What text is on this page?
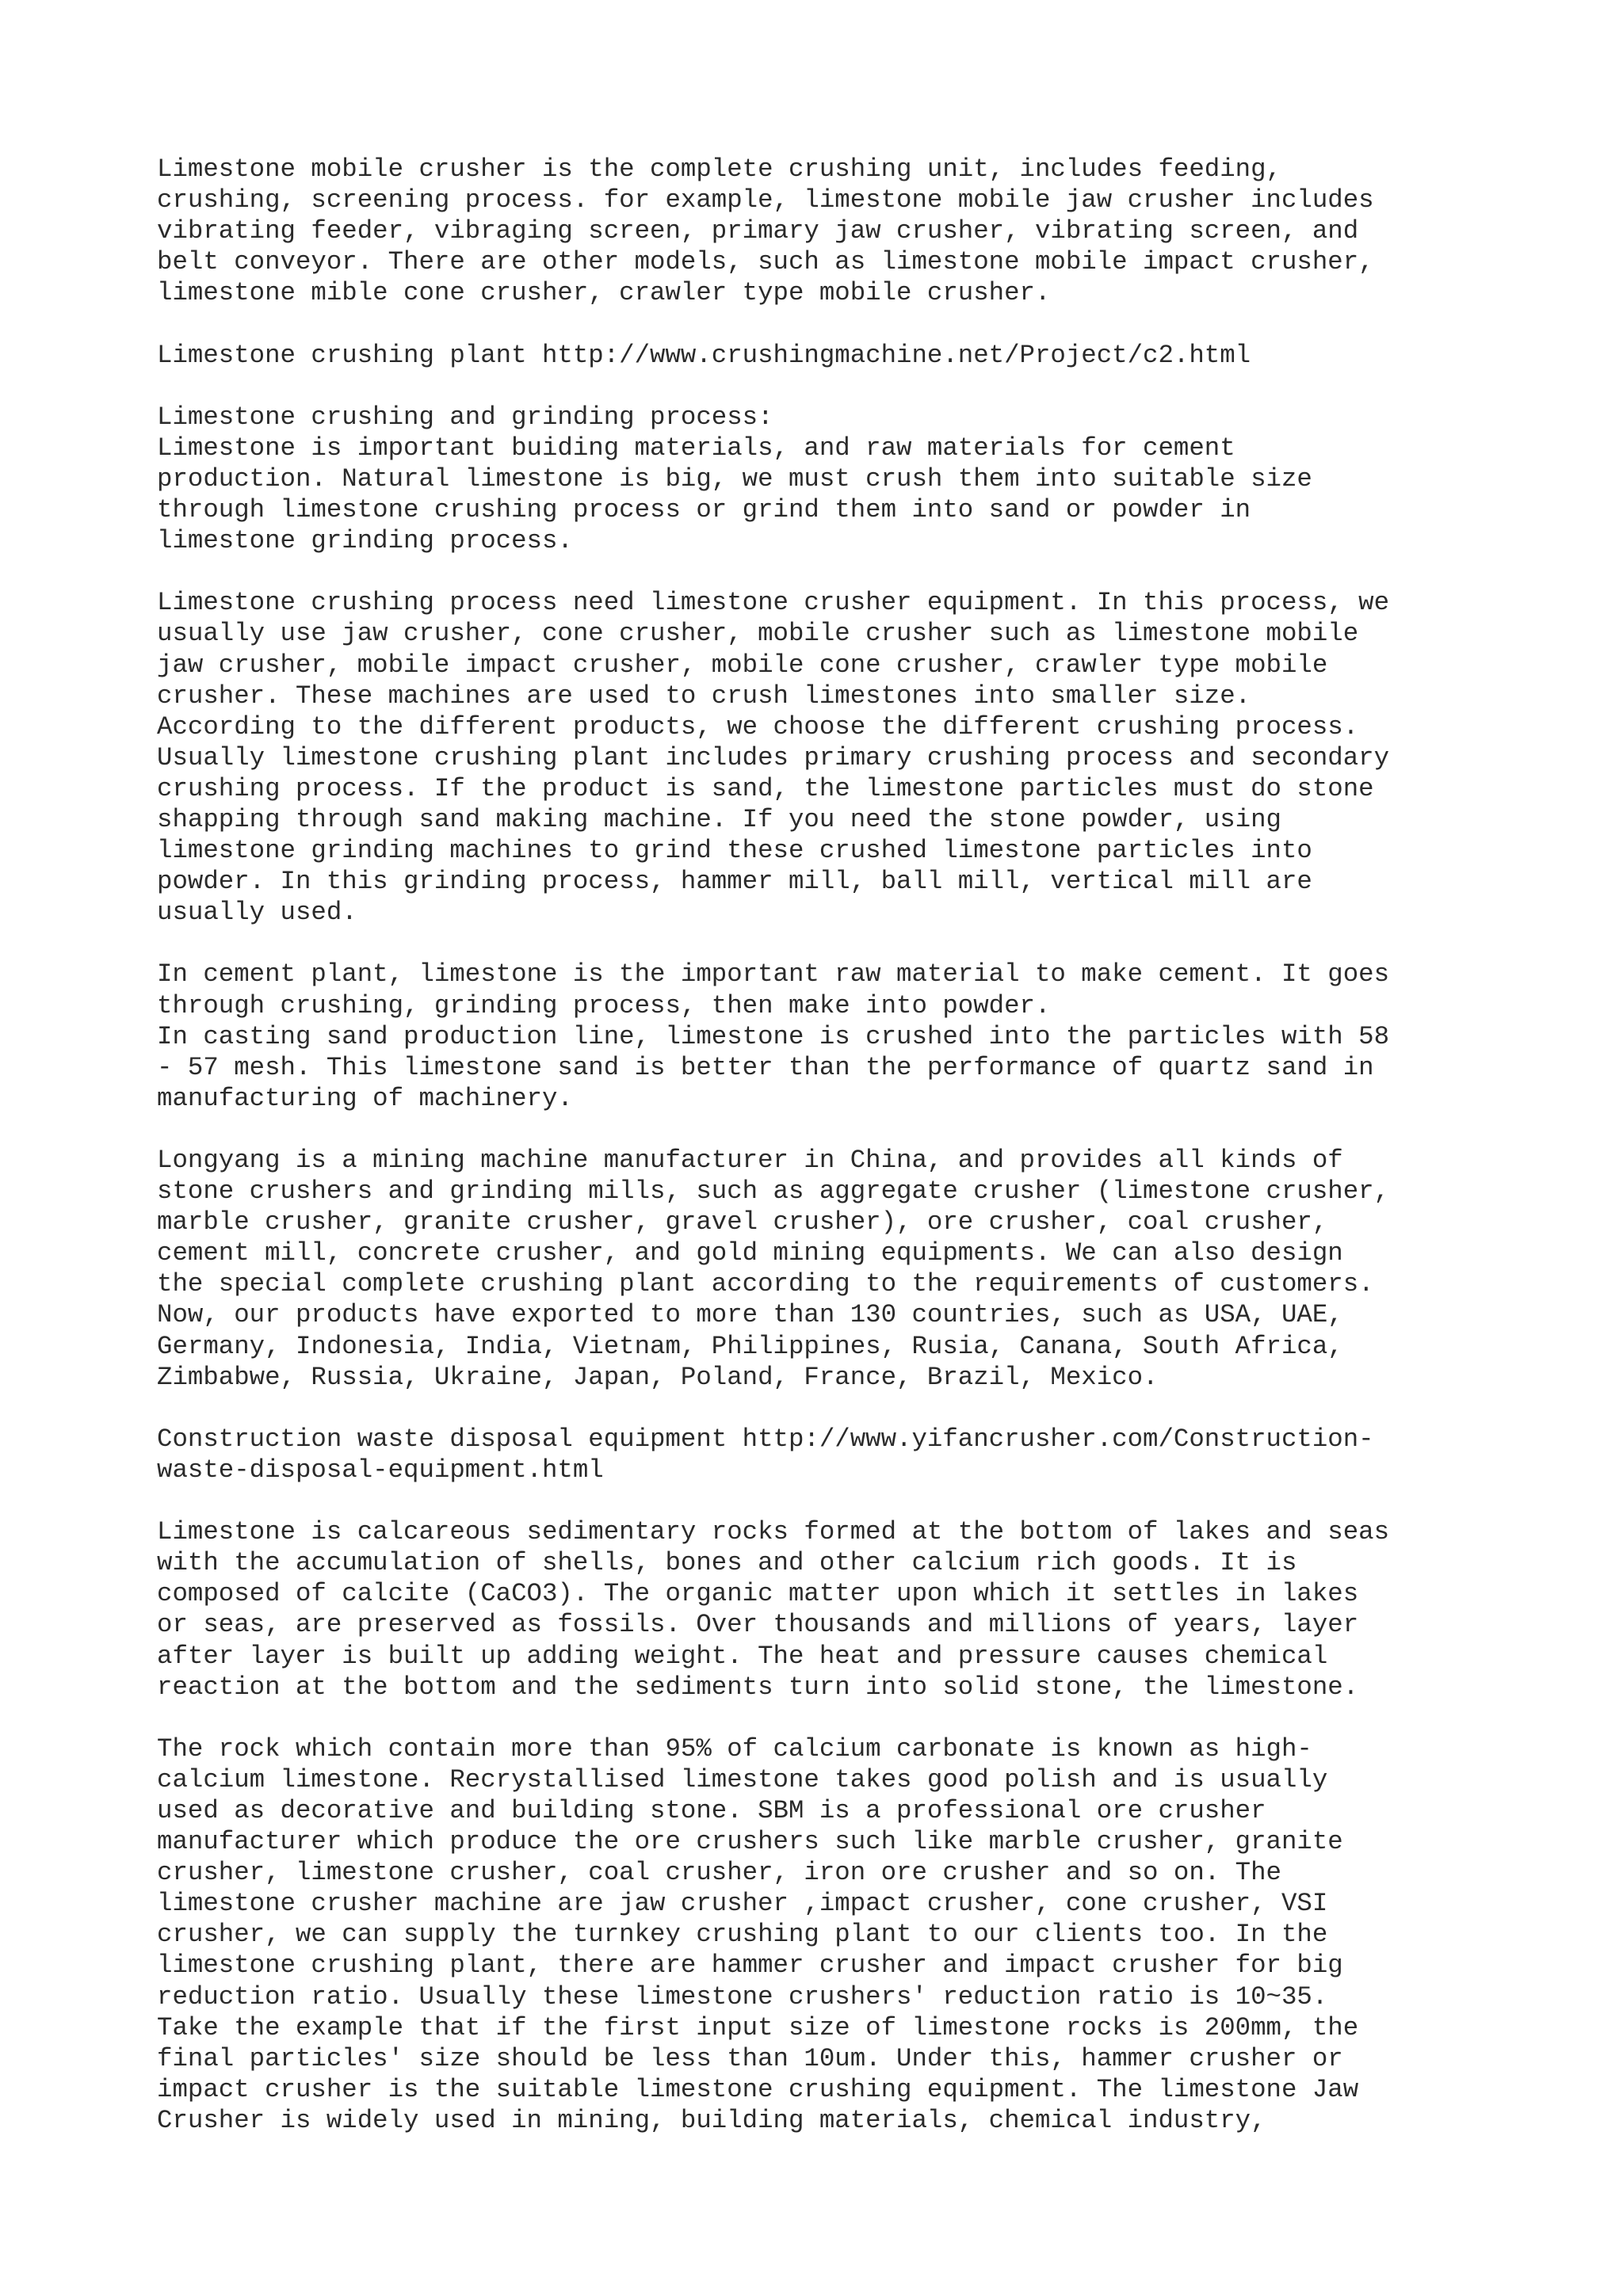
Limestone mobile crusher is the complete crushing unit, includes feeding,
crushing, screening process. for example, limestone mobile jaw crusher includes
vibrating feeder, vibraging screen, primary jaw crusher, vibrating screen, and
belt conveyor. There are other models, such as limestone mobile impact crusher,
limestone mible cone crusher, crawler type mobile crusher.

Limestone crushing plant http://www.crushingmachine.net/Project/c2.html

Limestone crushing and grinding process:

Limestone is important buiding materials, and raw materials for cement
production. Natural limestone is big, we must crush them into suitable size
through limestone crushing process or grind them into sand or powder in
limestone grinding process.

Limestone crushing process need limestone crusher equipment. In this process, we
usually use jaw crusher, cone crusher, mobile crusher such as limestone mobile
jaw crusher, mobile impact crusher, mobile cone crusher, crawler type mobile
crusher. These machines are used to crush limestones into smaller size.
According to the different products, we choose the different crushing process.
Usually limestone crushing plant includes primary crushing process and secondary
crushing process. If the product is sand, the limestone particles must do stone
shapping through sand making machine. If you need the stone powder, using
limestone grinding machines to grind these crushed limestone particles into
powder. In this grinding process, hammer mill, ball mill, vertical mill are
usually used.

In cement plant, limestone is the important raw material to make cement. It goes
through crushing, grinding process, then make into powder.

In casting sand production line, limestone is crushed into the particles with 58
- 57 mesh. This limestone sand is better than the performance of quartz sand in
manufacturing of machinery.

Longyang is a mining machine manufacturer in China, and provides all kinds of
stone crushers and grinding mills, such as aggregate crusher (limestone crusher,
marble crusher, granite crusher, gravel crusher), ore crusher, coal crusher,
cement mill, concrete crusher, and gold mining equipments. We can also design
the special complete crushing plant according to the requirements of customers.
Now, our products have exported to more than 130 countries, such as USA, UAE,
Germany, Indonesia, India, Vietnam, Philippines, Rusia, Canana, South Africa,
Zimbabwe, Russia, Ukraine, Japan, Poland, France, Brazil, Mexico.

Construction waste disposal equipment http://www.yifancrusher.com/Construction-
waste-disposal-equipment.html

Limestone is calcareous sedimentary rocks formed at the bottom of lakes and seas
with the accumulation of shells, bones and other calcium rich goods. It is
composed of calcite (CaCO3). The organic matter upon which it settles in lakes
or seas, are preserved as fossils. Over thousands and millions of years, layer
after layer is built up adding weight. The heat and pressure causes chemical
reaction at the bottom and the sediments turn into solid stone, the limestone.

The rock which contain more than 95% of calcium carbonate is known as high-
calcium limestone. Recrystallised limestone takes good polish and is usually
used as decorative and building stone. SBM is a professional ore crusher
manufacturer which produce the ore crushers such like marble crusher, granite
crusher, limestone crusher, coal crusher, iron ore crusher and so on. The
limestone crusher machine are jaw crusher ,impact crusher, cone crusher, VSI
crusher, we can supply the turnkey crushing plant to our clients too. In the
limestone crushing plant, there are hammer crusher and impact crusher for big
reduction ratio. Usually these limestone crushers' reduction ratio is 10~35.
Take the example that if the first input size of limestone rocks is 200mm, the
final particles' size should be less than 10um. Under this, hammer crusher or
impact crusher is the suitable limestone crushing equipment. The limestone Jaw
Crusher is widely used in mining, building materials, chemical industry,
